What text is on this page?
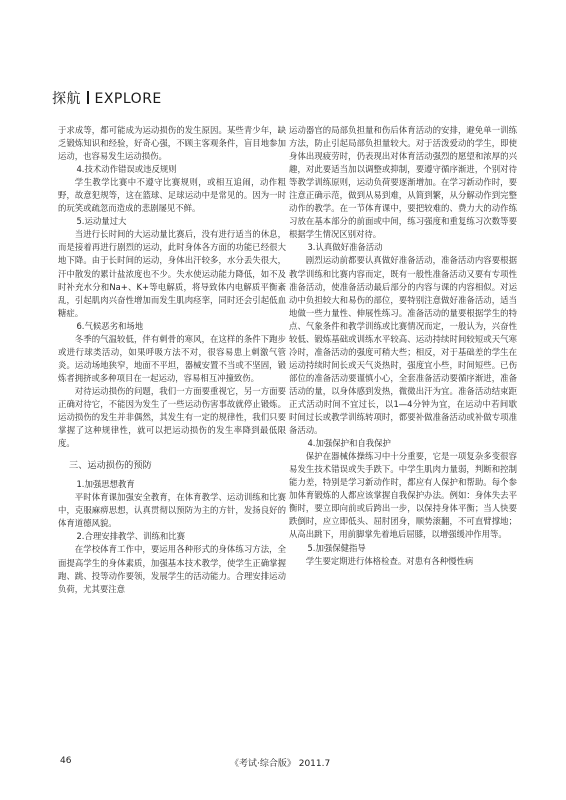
探航 EXPLORE

于求成等，都可能成为运动损伤的发生原因。某些青少年，缺乏锻炼知识和经验，好奇心强，不顾主客观条件，盲目地参加运动，也容易发生运动损伤。

4.技术动作错误或违反规则

学生教学比赛中不遵守比赛规则，或相互追闹，动作粗野，故意犯规等，这在篮球、足球运动中是常见的。因为一时的玩笑或疏忽而造成的悲剧屡见不鲜。

5.运动量过大

当进行长时间的大运动量比赛后，没有进行适当的休息，而是接着再进行剧烈的运动，此时身体各方面的功能已经很大地下降。由于长时间的运动，身体出汗较多，水分丢失很大，汗中散发的累计盐浓度也不少。失水使运动能力降低，如不及时补充水分和Na+、K+等电解质，将导致体内电解质平衡紊乱，引起肌肉兴奋性增加而发生肌肉痉挛，同时还会引起低血糖症。

6.气候恶劣和场地

冬季的气温较低，伴有刺骨的寒风，在这样的条件下跑步或进行球类活动，如果呼吸方法不对，很容易患上刺激气管炎。运动场地狭窄，地面不平坦，器械安置不当或不坚固，锻炼者拥挤或多种项目在一起运动，容易相互冲撞致伤。

对待运动损伤的问题，我们一方面要重视它，另一方面要正确对待它，不能因为发生了一些运动伤害事故就停止锻炼。运动损伤的发生并非偶然，其发生有一定的规律性，我们只要掌握了这种规律性，就可以把运动损伤的发生率降到最低限度。

三、运动损伤的预防
1.加强思想教育

平时体育课加强安全教育，在体育教学、运动训练和比赛中，克服麻痹思想，认真贯彻以预防为主的方针，发扬良好的体育道德风貌。

2.合理安排教学、训练和比赛

在学校体育工作中，要运用各种形式的身体练习方法，全面提高学生的身体素质，加强基本技术教学，使学生正确掌握跑、跳、投等动作要领，发展学生的活动能力。合理安排运动负荷，尤其要注意

运动器官的局部负担量和伤后体育活动的安排，避免单一训练方法，防止引起局部负担量较大。对于活泼爱动的学生，即使身体出现疲劳时，仍表现出对体育活动强烈的愿望和浓厚的兴趣，对此要适当加以调整或抑制，要遵守循序渐进，个别对待等教学训练原则，运动负荷要逐渐增加。在学习新动作时，要注意正确示范，做到从易到难，从简到繁，从分解动作到完整动作的教学。在一节体育课中，要把较难的、费力大的动作练习放在基本部分的前面或中间，练习强度和重复练习次数等要根据学生情况区别对待。

3.认真做好准备活动

剧烈运动前都要认真做好准备活动，准备活动内容要根据教学训练和比赛内容而定，既有一般性准备活动又要有专项性准备活动，使准备活动最后部分的内容与课的内容相似。对运动中负担较大和易伤的部位，要特别注意做好准备活动，适当地做一些力量性、伸展性练习。准备活动的量要根据学生的特点、气象条件和教学训练或比赛情况而定，一般认为，兴奋性较低、锻炼基础或训练水平较高、运动持续时间较短或天气寒冷时，准备活动的强度可稍大些；相反，对于基础差的学生在运动持续时间长或天气炎热时，强度宜小些，时间短些。已伤部位的准备活动要谨慎小心，全套准备活动要循序渐进，准备活动的量，以身体感到发热，微微出汗为宜。准备活动结束距正式活动时间不宜过长，以1—4分钟为宜，在运动中若间歇时间过长或教学训练转项时，都要补做准备活动或补做专项准备活动。

4.加强保护和自我保护

保护在器械体操练习中十分重要，它是一项复杂多变很容易发生技术错误或失手跌下。中学生肌肉力量弱，判断和控制能力差，特别是学习新动作时，都应有人保护和帮助。每个参加体育锻炼的人都应该掌握自我保护办法。例如：身体失去平衡时，要立即向前或后跨出一步，以保持身体平衡；当人快要跌倒时，应立即低头、屈肘团身，顺势滚翻，不可直臂撑地；从高出跳下，用前脚掌先着地后屈膝，以增强缓冲作用等。

5.加强保健指导

学生要定期进行体格检查。对患有各种慢性病

46	《考试·综合版》 2011.7
